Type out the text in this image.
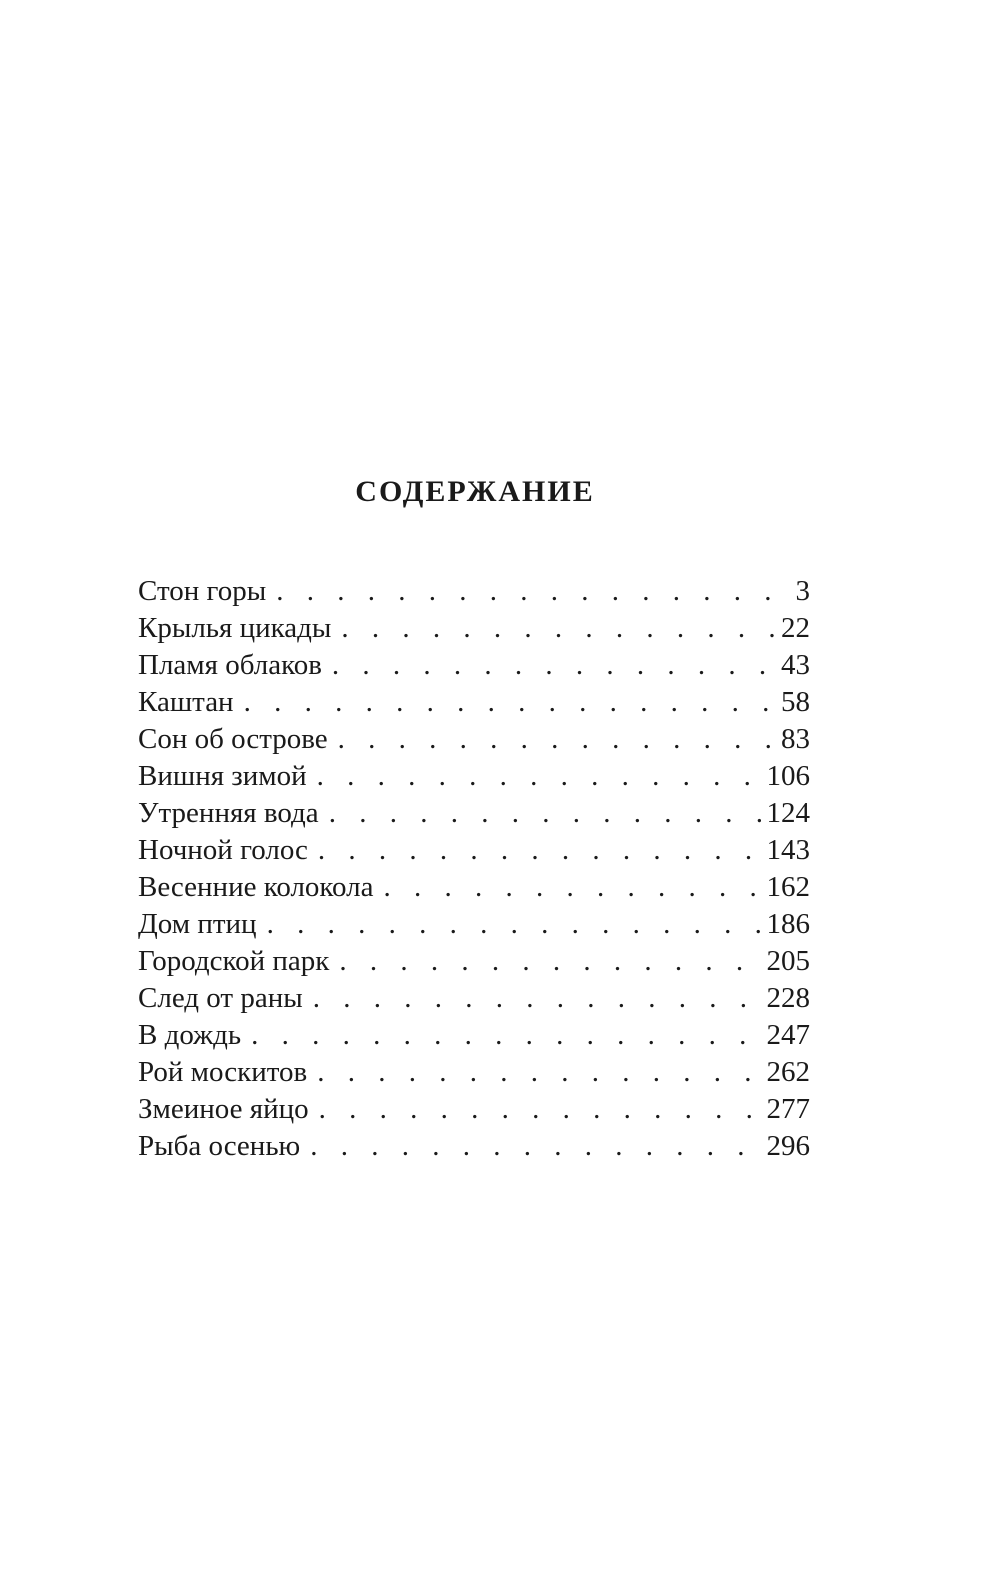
СОДЕРЖАНИЕ
Стон горы . . .	3
Крылья цикады . . .	22
Пламя облаков . . .	43
Каштан . . .	58
Сон об острове . . .	83
Вишня зимой . . .	106
Утренняя вода . . .	124
Ночной голос . . .	143
Весенние колокола . . .	162
Дом птиц . . .	186
Городской парк . . .	205
След от раны . . .	228
В дождь . . .	247
Рой москитов . . .	262
Змеиное яйцо . . .	277
Рыба осенью . . .	296
